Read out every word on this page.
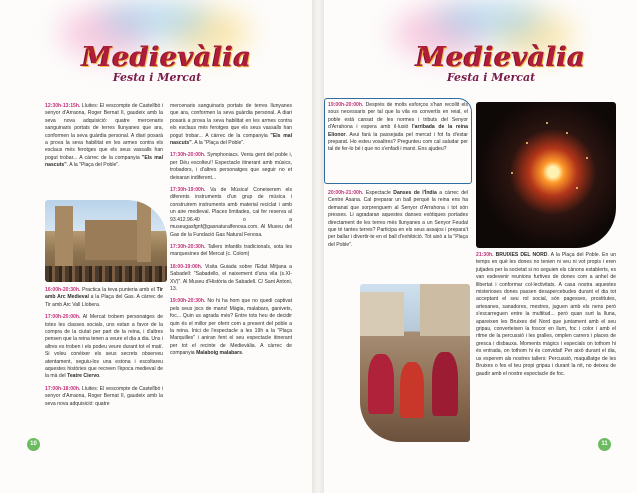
Medievàlia
Festa i Mercat

12:30h-13:15h. Lluites: El vescompte de Castellbò i senyor d'Arraona, Roger Bernat II, gaudeix amb la seva nova adquisició: quatre mercenaris sanguinaris portats de terres llunyanes que ara, conformen la seva guàrdia personal. A diari posarà a prova la seva habilitat en les armes contra els esclaus més ferotges que els seus vassalls han pogut trobar... A càrrec de la companyia "Els mal nascuts". A la "Plaça del Poble".

16:00h-20:30h. Practica la teva punteria amb el Tir amb Arc Medieval a la Plaça del Gas. A càrrec de Tir amb Arc Vall Llobera.

17:00h-20:00h. Al Mercat trobem personatges de totes les classes socials, uns estan a favor de la compra de la ciutat per part de la reina, i d'altres pensen que la reina tenen a veure el dia a dia. Uns i altres es troben i els podeu veure durant tot el matí. Si voleu conèixer els seus secrets observeu atentament, seguiu-los una estona i escoltareu aquestes històries que recreen l'època medieval de la mà del Teatre Ciervo.

17:00h-18:00h. Lluites: El vescompte de Castellbò i senyor d'Arraona, Roger Bernat II, gaudeix amb la seva nova adquisició: quatre

mercenaris sanguinaris portats de terres llunyanes que ara, conformen la seva guàrdia personal. A diari posarà a prova la seva habilitat en les armes contra els esclaus més ferotges que els seus vassalls han pogut trobar... A càrrec de la companyia "Els mal nascuts". A la "Plaça del Poble".

17:30h-20:00h. Symphoniacs. Veniu gent del poble i, per Déu escolteu!! Espectacle itinerant amb músics, trobadors, i d'altres personatges que seguir no et deixaran indiferent...

17:30h-19:00h. Va de Música! Coneixerem els diferents instruments d'un grup de música i construirem instruments amb material reciclat i amb un aire medieval. Places limitades, cal fer reserva al 93.412.96.40 o a museugasfgnf@gasnaturalfenosa.com. Al Museu del Gas de la Fundació Gas Natural Fenosa.

17:30h-20:30h. Tallers infantils tradicionals, sota les marquesines del Mercat (c. Colom)

18:00-19:00h. Visita Guiada sobre l'Edat Mitjana a Sabadell: "Sabadello, el naixement d'una vila (s.XI-XV)". Al Museu d'Història de Sabadell. C/ Sant Antoni, 13.

19:00h-20:30h. No hi ha hom que no quedi captivat pels seus jocs de mans! Màgia, malabars, ganivets, foc... Quin us agrada més? Entre tots heu de decidir quin és el millor per oferir com a present del poble a la reina. Inici de l'espectacle a les 19h a la "Plaça Marquilles" i aniran fent el seu espectacle itinerant per tot el recinte de Medievàlia. A càrrec de companyia Malaboig malabars.

10
Medievàlia
Festa i Mercat

19:00h-20:00h. Després de molts esforços s'han recollit els sous necessaris per tal que la vila es convertís en reial, el poble està cansat de les normes i tributs del Senyor d'Arrahona i espera amb il·lusió l'arribada de la reina Elionor. Avui farà la passejada pel mercat i fot fa d'estar preparat. Ho esteu vosaltres? Pregunteu com cal saludar per tal de fer-lo bé i que no s'enfadi i marxi. Ens ajudeu?

20:00h-21:00h. Espectacle Danses de l'Índia a càrrec del Centre Asana. Cal preparar un ball perquè la reina ens ha demanat que sorprenguem al Senyor d'Arrahona i tot són presses. Li agradaran aquestes danses exòtiques portades directament de les terres més llunyanes a un Senyor Feudal que té tantes terres? Participa en els seus assajos i prepara't per ballar i divertir-te en el ball d'exhibició. Tot això a la "Plaça del Poble".

21:30h. BRUIXES DEL NORD. A la Plaça del Poble. En un temps en què les dones no tenien ni veu ni vot propis i eren jutjades per la societat si no seguien els cànons establerts, es van esdevenir reunions furtives de dones com a anhel de llibertat i conformar col·lectivitats. A casa nostra aquestes misterioses dones passen desapercebudes durant el dia tot acceptant el seu rol social, són pagesses, prostitutes, artesanes, sanadores, mestres, juguen amb els nens però s'escarreguen entre la multitud... però quan surt la lluna, apareixen les Bruixes del Nord que juntament amb el seu gripau, converteixen la foscor en llum, foc i color i amb el ritme de la percussió i les gralles, omplen carrers i places de grescа i disbauxa. Moments màgics i especials on tothom hi és entrada, on tothom hi és convidat! Per això durant el dia, us esperem als nostres tallers: Percussió, maquillatge de les Bruixes o fes el teu propi gripau i durant la nit, no deixeu de gaudir amb el nostre espectacle de foc.

11
